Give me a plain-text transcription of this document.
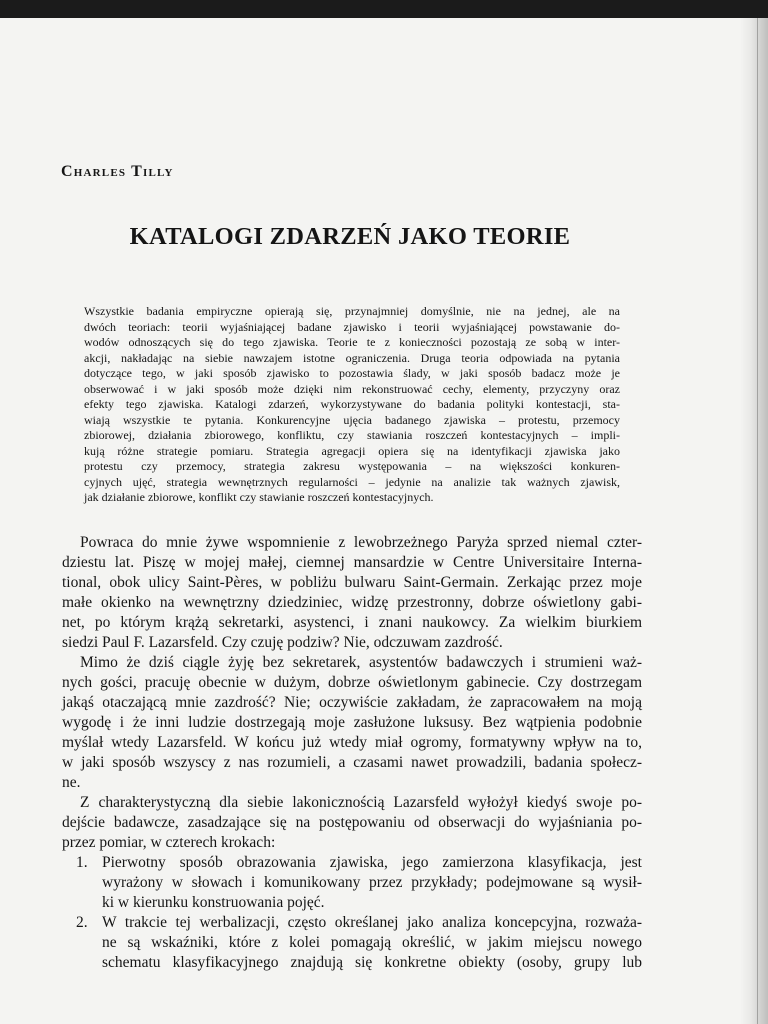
Charles Tilly
KATALOGI ZDARZEŃ JAKO TEORIE
Wszystkie badania empiryczne opierają się, przynajmniej domyślnie, nie na jednej, ale na
dwóch teoriach: teorii wyjaśniającej badane zjawisko i teorii wyjaśniającej powstawanie do-
wodów odnoszących się do tego zjawiska. Teorie te z konieczności pozostają ze sobą w inter-
akcji, nakładając na siebie nawzajem istotne ograniczenia. Druga teoria odpowiada na pytania
dotyczące tego, w jaki sposób zjawisko to pozostawia ślady, w jaki sposób badacz może je
obserwować i w jaki sposób może dzięki nim rekonstruować cechy, elementy, przyczyny oraz
efekty tego zjawiska. Katalogi zdarzeń, wykorzystywane do badania polityki kontestacji, sta-
wiają wszystkie te pytania. Konkurencyjne ujęcia badanego zjawiska – protestu, przemocy
zbiorowej, działania zbiorowego, konfliktu, czy stawiania roszczeń kontestacyjnych – impli-
kują różne strategie pomiaru. Strategia agregacji opiera się na identyfikacji zjawiska jako
protestu czy przemocy, strategia zakresu występowania – na większości konkuren-
cyjnych ujęć, strategia wewnętrznych regularności – jedynie na analizie tak ważnych zjawisk,
jak działanie zbiorowe, konflikt czy stawianie roszczeń kontestacyjnych.
Powraca do mnie żywe wspomnienie z lewobrzeżnego Paryża sprzed niemal czter-
dziestu lat. Piszę w mojej małej, ciemnej mansardzie w Centre Universitaire Interna-
tional, obok ulicy Saint-Pères, w pobliżu bulwaru Saint-Germain. Zerkając przez moje
małe okienko na wewnętrzny dziedziniec, widzę przestronny, dobrze oświetlony gabi-
net, po którym krążą sekretarki, asystenci, i znani naukowcy. Za wielkim biurkiem
siedzi Paul F. Lazarsfeld. Czy czuję podziw? Nie, odczuwam zazdrość.
Mimo że dziś ciągle żyję bez sekretarek, asystentów badawczych i strumieni waż-
nych gości, pracuję obecnie w dużym, dobrze oświetlonym gabinecie. Czy dostrzegam
jakąś otaczającą mnie zazdrość? Nie; oczywiście zakładam, że zapracowałem na moją
wygodę i że inni ludzie dostrzegają moje zasłużone luksusy. Bez wątpienia podobnie
myślał wtedy Lazarsfeld. W końcu już wtedy miał ogromy, formatywny wpływ na to,
w jaki sposób wszyscy z nas rozumieli, a czasami nawet prowadzili, badania społecz-
ne.
Z charakterystyczną dla siebie lakonicznością Lazarsfeld wyłożył kiedyś swoje po-
dejście badawcze, zasadzające się na postępowaniu od obserwacji do wyjaśniania po-
przez pomiar, w czterech krokach:
1. Pierwotny sposób obrazowania zjawiska, jego zamierzona klasyfikacja, jest
wyrażony w słowach i komunikowany przez przykłady; podejmowane są wysił-
ki w kierunku konstruowania pojęć.
2. W trakcie tej werbalizacji, często określanej jako analiza koncepcyjna, rozważa-
ne są wskaźniki, które z kolei pomagają określić, w jakim miejscu nowego
schematu klasyfikacyjnego znajdują się konkretne obiekty (osoby, grupy lub
